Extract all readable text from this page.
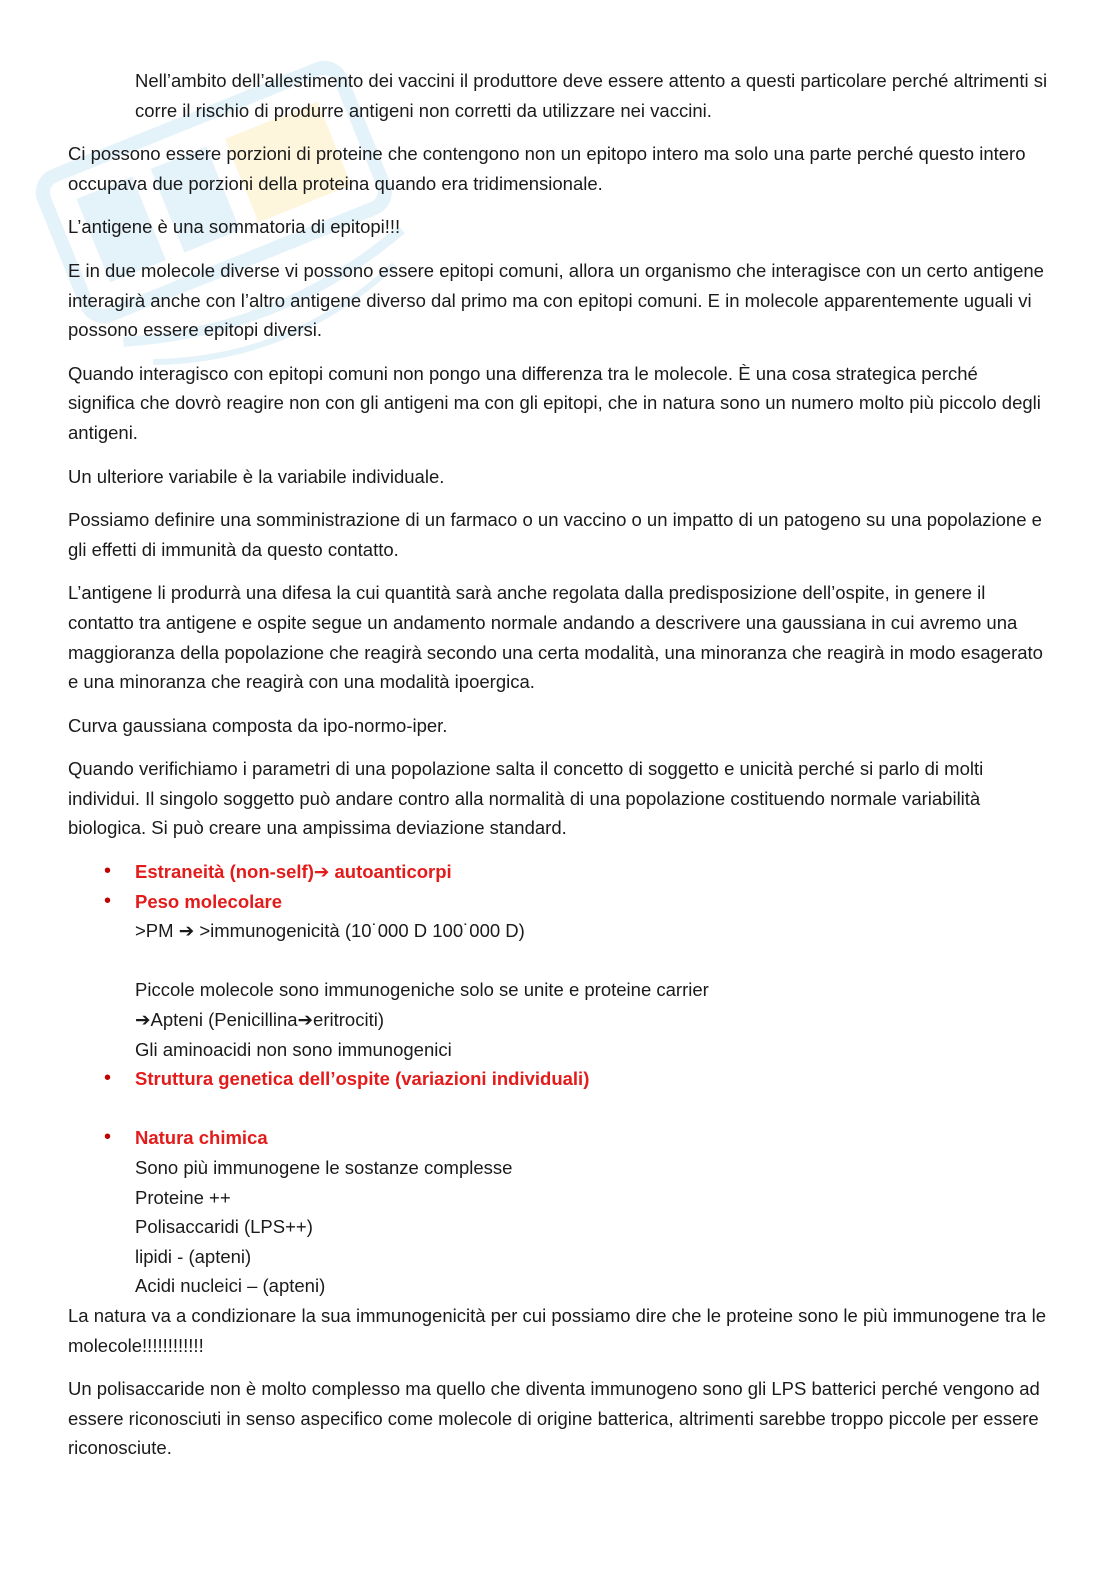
Nell’ambito dell’allestimento dei vaccini il produttore deve essere attento a questi particolare perché altrimenti si corre il rischio di produrre antigeni non corretti da utilizzare nei vaccini.

Ci possono essere porzioni di proteine che contengono non un epitopo intero ma solo una parte perché questo intero occupava due porzioni della proteina quando era tridimensionale.

L’antigene è una sommatoria di epitopi!!!

E in due molecole diverse vi possono essere epitopi comuni, allora un organismo che interagisce con un certo antigene interagirà anche con l’altro antigene diverso dal primo ma con epitopi comuni. E in molecole apparentemente uguali vi possono essere epitopi diversi.

Quando interagisco con epitopi comuni non pongo una differenza tra le molecole. È una cosa strategica perché significa che dovrò reagire non con gli antigeni ma con gli epitopi, che in natura sono un numero molto più piccolo degli antigeni.

Un ulteriore variabile è la variabile individuale.

Possiamo definire una somministrazione di un farmaco o un vaccino o un impatto di un patogeno su una popolazione e gli effetti di immunità da questo contatto.

L’antigene li produrrà una difesa la cui quantità sarà anche regolata dalla predisposizione dell’ospite, in genere il contatto tra antigene e ospite segue un andamento normale andando a descrivere una gaussiana in cui avremo una maggioranza della popolazione che reagirà secondo una certa modalità, una minoranza che reagirà in modo esagerato e una minoranza che reagirà con una modalità ipoergica.

Curva gaussiana composta da ipo-normo-iper.

Quando verifichiamo i parametri di una popolazione salta il concetto di soggetto e unicità perché si parlo di molti individui. Il singolo soggetto può andare contro alla normalità di una popolazione costituendo normale variabilità biologica. Si può creare una ampissima deviazione standard.

• Estraneità (non-self)➔ autoanticorpi
• Peso molecolare
>PM ➔ >immunogenicità (10˙000 D 100˙000 D)
Piccole molecole sono immunogeniche solo se unite e proteine carrier
➔Apteni (Penicillina➔eritrociti)
Gli aminoacidi non sono immunogenici
• Struttura genetica dell’ospite (variazioni individuali)
• Natura chimica
Sono più immunogene le sostanze complesse
Proteine ++
Polisaccaridi (LPS++)
lipidi - (apteni)
Acidi nucleici – (apteni)

La natura va a condizionare la sua immunogenicità per cui possiamo dire che le proteine sono le più immunogene tra le molecole!!!!!!!!!!!!

Un polisaccaride non è molto complesso ma quello che diventa immunogeno sono gli LPS batterici perché vengono ad essere riconosciuti in senso aspecifico come molecole di origine batterica, altrimenti sarebbe troppo piccole per essere riconosciute.
